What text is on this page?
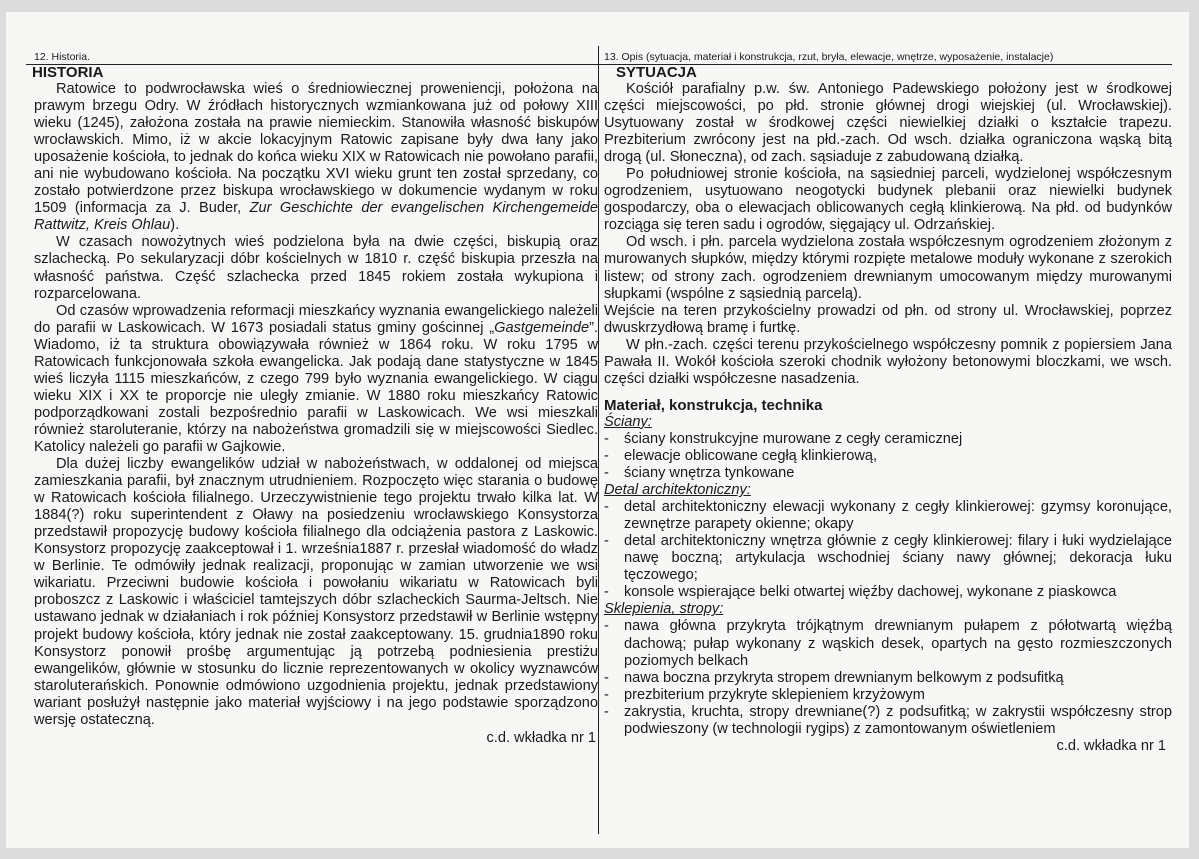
12. Historia.
HISTORIA

Ratowice to podwrocławska wieś o średniowiecznej proweniencji, położona na prawym brzegu Odry. W źródłach historycznych wzmiankowana już od połowy XIII wieku (1245), założona została na prawie niemieckim. Stanowiła własność biskupów wrocławskich. Mimo, iż w akcie lokacyjnym Ratowic zapisane były dwa łany jako uposażenie kościoła, to jednak do końca wieku XIX w Ratowicach nie powołano parafii, ani nie wybudowano kościoła. Na początku XVI wieku grunt ten został sprzedany, co zostało potwierdzone przez biskupa wrocławskiego w dokumencie wydanym w roku 1509 (informacja za J. Buder, Zur Geschichte der evangelischen Kirchengemeide Rattwitz, Kreis Ohlau).

W czasach nowożytnych wieś podzielona była na dwie części, biskupią oraz szlachecką. Po sekularyzacji dóbr kościelnych w 1810 r. część biskupia przeszła na własność państwa. Część szlachecka przed 1845 rokiem została wykupiona i rozparcelowana.

Od czasów wprowadzenia reformacji mieszkańcy wyznania ewangelickiego należeli do parafii w Laskowicach. W 1673 posiadali status gminy gościnnej „Gastgemeinde”. Wiadomo, iż ta struktura obowiązywała również w 1864 roku. W roku 1795 w Ratowicach funkcjonowała szkoła ewangelicka. Jak podają dane statystyczne w 1845 wieś liczyła 1115 mieszkańców, z czego 799 było wyznania ewangelickiego. W ciągu wieku XIX i XX te proporcje nie uległy zmianie. W 1880 roku mieszkańcy Ratowic podporządkowani zostali bezpośrednio parafii w Laskowicach. We wsi mieszkali również staroluteranie, którzy na nabożeństwa gromadzili się w miejscowości Siedlec. Katolicy należeli go parafii w Gajkowie.

Dla dużej liczby ewangelików udział w nabożeństwach, w oddalonej od miejsca zamieszkania parafii, był znacznym utrudnieniem. Rozpoczęto więc starania o budowę w Ratowicach kościoła filialnego. Urzeczywistnienie tego projektu trwało kilka lat. W 1884(?) roku superintendent z Oławy na posiedzeniu wrocławskiego Konsystorza przedstawił propozycję budowy kościoła filialnego dla odciążenia pastora z Laskowic. Konsystorz propozycję zaakceptował i 1. września1887 r. przesłał wiadomość do władz w Berlinie. Te odmówiły jednak realizacji, proponując w zamian utworzenie we wsi wikariatu. Przeciwni budowie kościoła i powołaniu wikariatu w Ratowicach byli proboszcz z Laskowic i właściciel tamtejszych dóbr szlacheckich Saurma-Jeltsch. Nie ustawano jednak w działaniach i rok później Konsystorz przedstawił w Berlinie wstępny projekt budowy kościoła, który jednak nie został zaakceptowany. 15. grudnia1890 roku Konsystorz ponowił prośbę argumentując ją potrzebą podniesienia prestiżu ewangelików, głównie w stosunku do licznie reprezentowanych w okolicy wyznawców staroluterańskich. Ponownie odmówiono uzgodnienia projektu, jednak przedstawiony wariant posłużył następnie jako materiał wyjściowy i na jego podstawie sporządzono wersję ostateczną.

c.d. wkładka nr 1
13. Opis (sytuacja, materiał i konstrukcja, rzut, bryła, elewacje, wnętrze, wyposażenie, instalacje)
SYTUACJA

Kościół parafialny p.w. św. Antoniego Padewskiego położony jest w środkowej części miejscowości, po płd. stronie głównej drogi wiejskiej (ul. Wrocławskiej). Usytuowany został w środkowej części niewielkiej działki o kształcie trapezu. Prezbiterium zwrócony jest na płd.-zach. Od wsch. działka ograniczona wąską bitą drogą (ul. Słoneczna), od zach. sąsiaduje z zabudowaną działką.

Po południowej stronie kościoła, na sąsiedniej parceli, wydzielonej współczesnym ogrodzeniem, usytuowano neogotycki budynek plebanii oraz niewielki budynek gospodarczy, oba o elewacjach oblicowanych cegłą klinkierową. Na płd. od budynków rozciąga się teren sadu i ogrodów, sięgający ul. Odrzańskiej.

Od wsch. i płn. parcela wydzielona została współczesnym ogrodzeniem złożonym z murowanych słupków, między którymi rozpięte metalowe moduły wykonane z szerokich listew; od strony zach. ogrodzeniem drewnianym umocowanym między murowanymi słupkami (wspólne z sąsiednią parcelą).

Wejście na teren przykościelny prowadzi od płn. od strony ul. Wrocławskiej, poprzez dwuskrzydłową bramę i furtkę.

W płn.-zach. części terenu przykościelnego współczesny pomnik z popiersiem Jana Pawała II. Wokół kościoła szeroki chodnik wyłożony betonowymi bloczkami, we wsch. części działki współczesne nasadzenia.

Materiał, konstrukcja, technika
Ściany:
- ściany konstrukcyjne murowane z cegły ceramicznej
- elewacje oblicowane cegłą klinkierową,
- ściany wnętrza tynkowane
Detal architektoniczny:
- detal architektoniczny elewacji wykonany z cegły klinkierowej: gzymsy koronujące, zewnętrze parapety okienne; okapy
- detal architektoniczny wnętrza głównie z cegły klinkierowej: filary i łuki wydzielające nawę boczną; artykulacja wschodniej ściany nawy głównej; dekoracja łuku tęczowego;
- konsole wspierające belki otwartej więźby dachowej, wykonane z piaskowca
Sklepienia, stropy:
- nawa główna przykryta trójkątnym drewnianym pułapem z półotwartą więźbą dachową; pułap wykonany z wąskich desek, opartych na gęsto rozmieszczonych poziomych belkach
- nawa boczna przykryta stropem drewnianym belkowym z podsufitką
- prezbiterium przykryte sklepieniem krzyżowym
- zakrystia, kruchta, stropy drewniane(?) z podsufitką; w zakrystii współczesny strop podwieszony (w technologii rygips) z zamontowanym oświetleniem
c.d. wkładka nr 1
